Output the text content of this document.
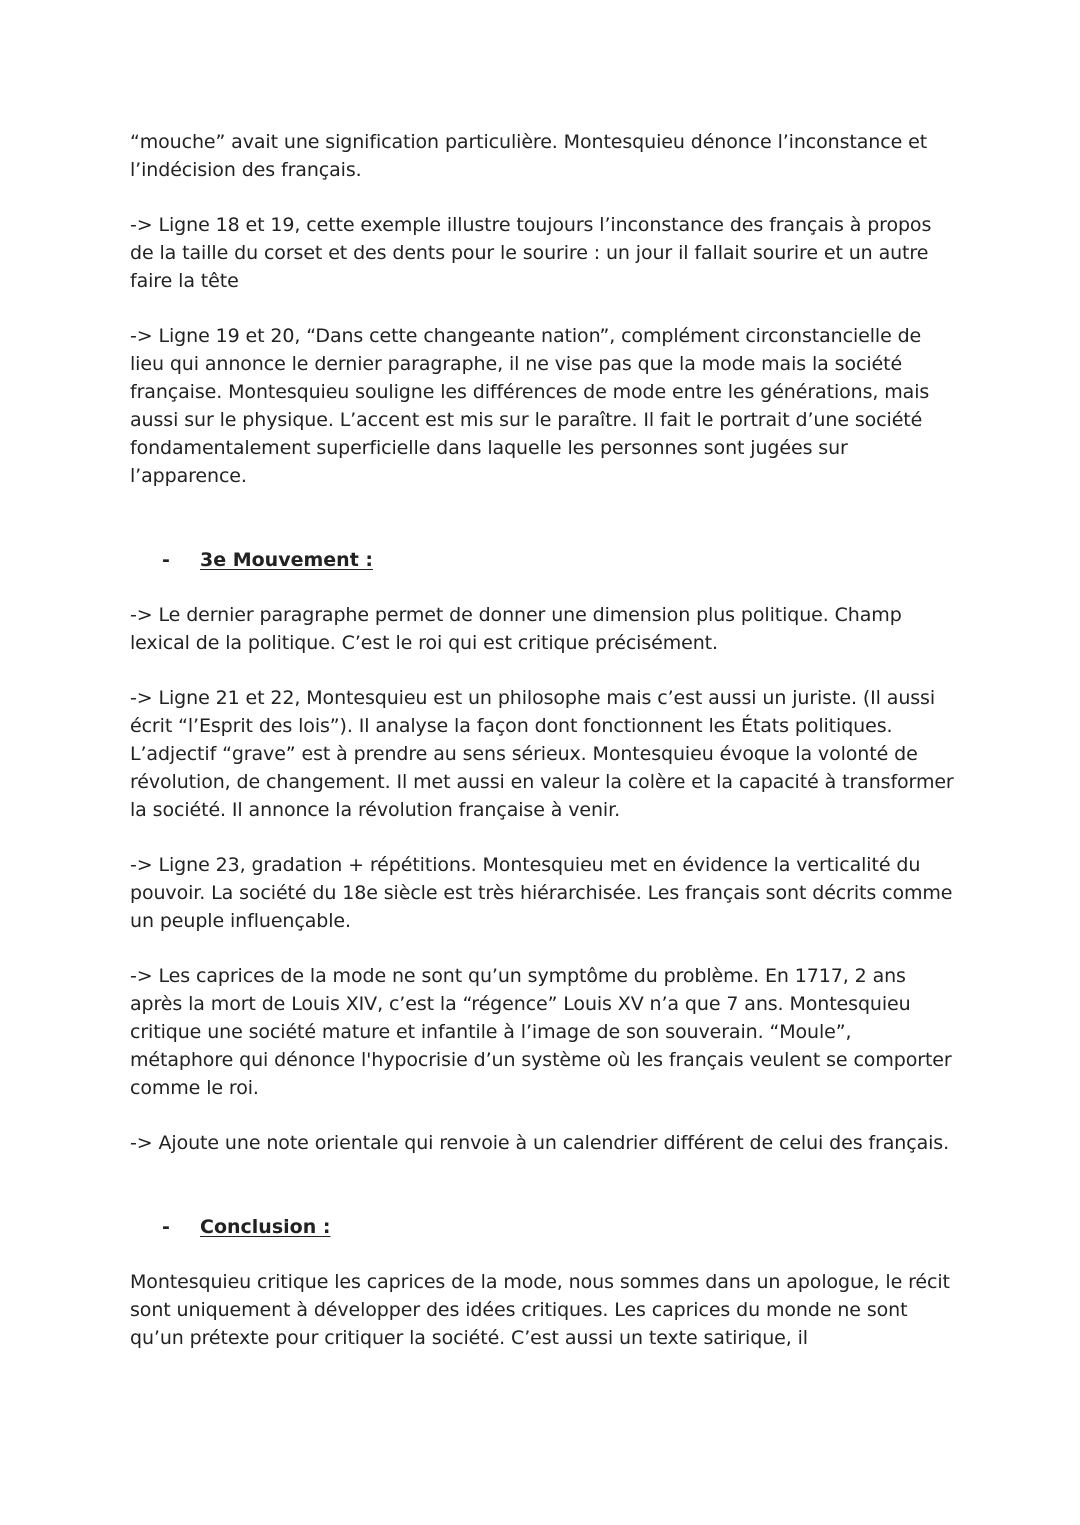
“mouche” avait une signification particulière. Montesquieu dénonce l’inconstance et l’indécision des français.

-> Ligne 18 et 19, cette exemple illustre toujours l’inconstance des français à propos de la taille du corset et des dents pour le sourire : un jour il fallait sourire et un autre faire la tête

-> Ligne 19 et 20, “Dans cette changeante nation”, complément circonstancielle de lieu qui annonce le dernier paragraphe, il ne vise pas que la mode mais la société française. Montesquieu souligne les différences de mode entre les générations, mais aussi sur le physique. L’accent est mis sur le paraître. Il fait le portrait d’une société fondamentalement superficielle dans laquelle les personnes sont jugées sur l’apparence.

-	3e Mouvement :

-> Le dernier paragraphe permet de donner une dimension plus politique. Champ lexical de la politique. C’est le roi qui est critique précisément.

-> Ligne 21 et 22, Montesquieu est un philosophe mais c’est aussi un juriste. (Il aussi écrit “l’Esprit des lois”). Il analyse la façon dont fonctionnent les États politiques. L’adjectif “grave” est à prendre au sens sérieux. Montesquieu évoque la volonté de révolution, de changement. Il met aussi en valeur la colère et la capacité à transformer la société. Il annonce la révolution française à venir.

-> Ligne 23, gradation + répétitions. Montesquieu met en évidence la verticalité du pouvoir. La société du 18e siècle est très hiérarchisée. Les français sont décrits comme un peuple influençable.

-> Les caprices de la mode ne sont qu’un symptôme du problème. En 1717, 2 ans après la mort de Louis XIV, c’est la “régence” Louis XV n’a que 7 ans. Montesquieu critique une société mature et infantile à l’image de son souverain. “Moule”, métaphore qui dénonce l'hypocrisie d’un système où les français veulent se comporter comme le roi.

-> Ajoute une note orientale qui renvoie à un calendrier différent de celui des français.

-	Conclusion :

Montesquieu critique les caprices de la mode, nous sommes dans un apologue, le récit sont uniquement à développer des idées critiques. Les caprices du monde ne sont qu’un prétexte pour critiquer la société. C’est aussi un texte satirique, il
